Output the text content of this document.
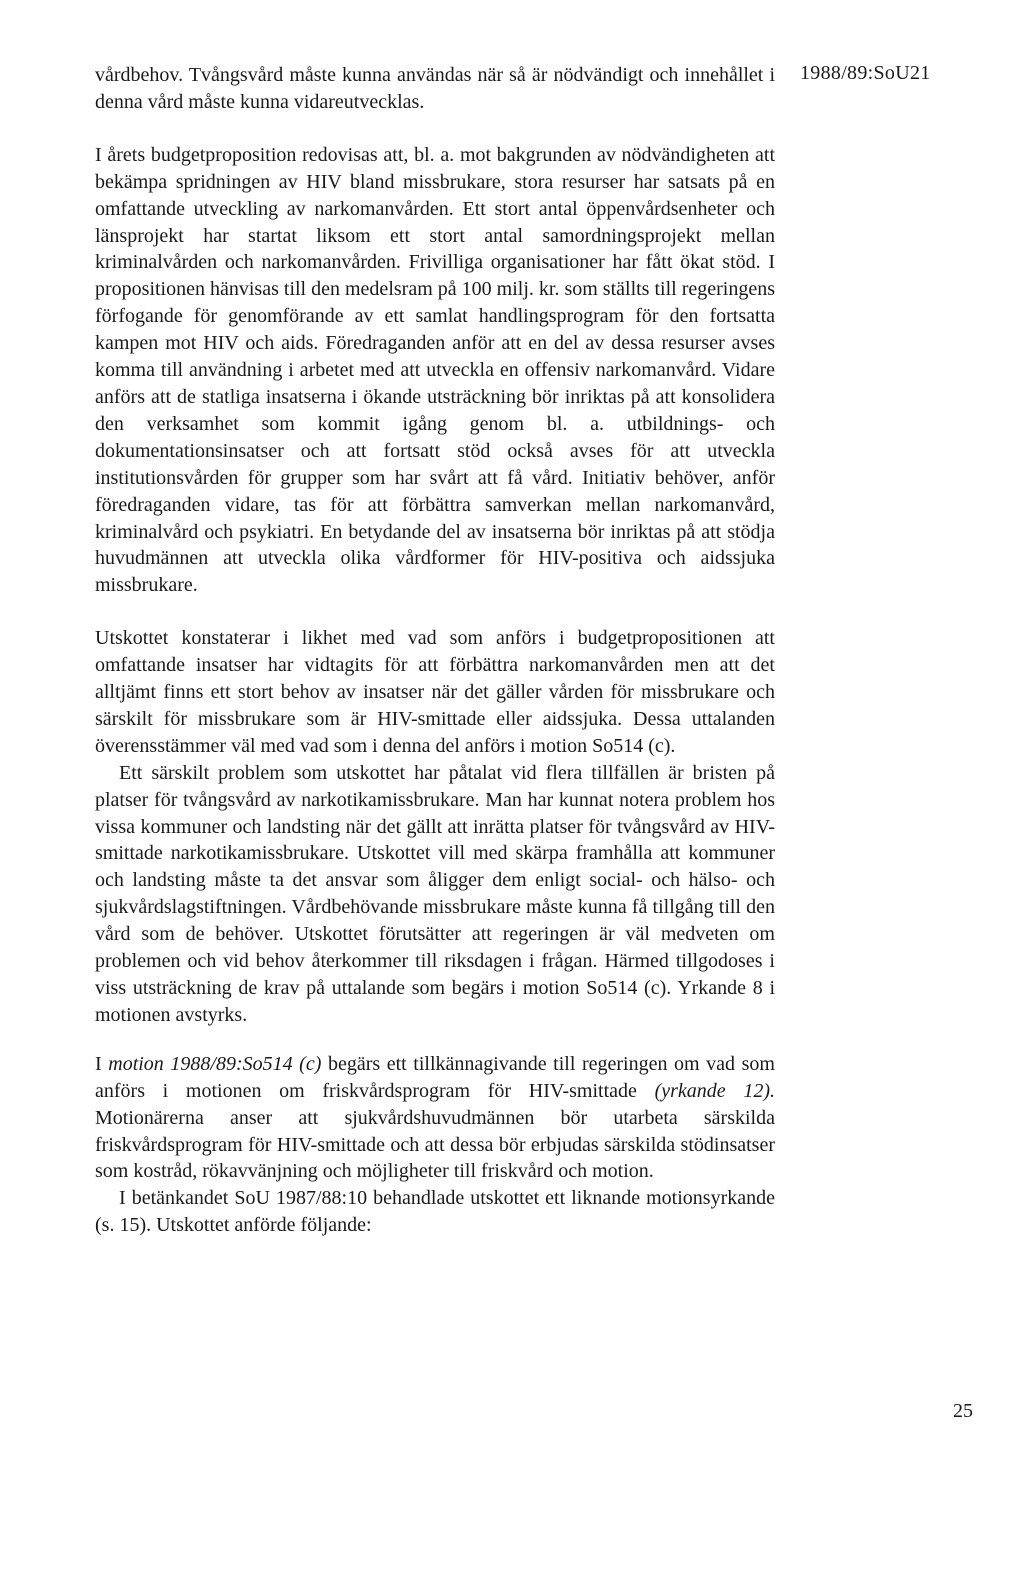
1988/89:SoU21

vårdbehov. Tvångsvård måste kunna användas när så är nödvändigt och innehållet i denna vård måste kunna vidareutvecklas.

I årets budgetproposition redovisas att, bl. a. mot bakgrunden av nödvändigheten att bekämpa spridningen av HIV bland missbrukare, stora resurser har satsats på en omfattande utveckling av narkomanvården. Ett stort antal öppenvårdsenheter och länsprojekt har startat liksom ett stort antal samordningsprojekt mellan kriminalvården och narkomanvården. Frivilliga organisationer har fått ökat stöd. I propositionen hänvisas till den medelsram på 100 milj. kr. som ställts till regeringens förfogande för genomförande av ett samlat handlingsprogram för den fortsatta kampen mot HIV och aids. Föredraganden anför att en del av dessa resurser avses komma till användning i arbetet med att utveckla en offensiv narkomanvård. Vidare anförs att de statliga insatserna i ökande utsträckning bör inriktas på att konsolidera den verksamhet som kommit igång genom bl. a. utbildnings- och dokumentationsinsatser och att fortsatt stöd också avses för att utveckla institutionsvården för grupper som har svårt att få vård. Initiativ behöver, anför föredraganden vidare, tas för att förbättra samverkan mellan narkomanvård, kriminalvård och psykiatri. En betydande del av insatserna bör inriktas på att stödja huvudmännen att utveckla olika vårdformer för HIV-positiva och aidssjuka missbrukare.

Utskottet konstaterar i likhet med vad som anförs i budgetpropositionen att omfattande insatser har vidtagits för att förbättra narkomanvården men att det alltjämt finns ett stort behov av insatser när det gäller vården för missbrukare och särskilt för missbrukare som är HIV-smittade eller aidssjuka. Dessa uttalanden överensstämmer väl med vad som i denna del anförs i motion So514 (c).

Ett särskilt problem som utskottet har påtalat vid flera tillfällen är bristen på platser för tvångsvård av narkotikamissbrukare. Man har kunnat notera problem hos vissa kommuner och landsting när det gällt att inrätta platser för tvångsvård av HIV-smittade narkotikamissbrukare. Utskottet vill med skärpa framhålla att kommuner och landsting måste ta det ansvar som åligger dem enligt social- och hälso- och sjukvårdslagstiftningen. Vårdbehövande missbrukare måste kunna få tillgång till den vård som de behöver. Utskottet förutsätter att regeringen är väl medveten om problemen och vid behov återkommer till riksdagen i frågan. Härmed tillgodoses i viss utsträckning de krav på uttalande som begärs i motion So514 (c). Yrkande 8 i motionen avstyrks.

I motion 1988/89:So514 (c) begärs ett tillkännagivande till regeringen om vad som anförs i motionen om friskvårdsprogram för HIV-smittade (yrkande 12). Motionärerna anser att sjukvårdshuvudmännen bör utarbeta särskilda friskvårdsprogram för HIV-smittade och att dessa bör erbjudas särskilda stödinsatser som kostråd, rökavvänjning och möjligheter till friskvård och motion.

I betänkandet SoU 1987/88:10 behandlade utskottet ett liknande motionsyrkande (s. 15). Utskottet anförde följande:

25
